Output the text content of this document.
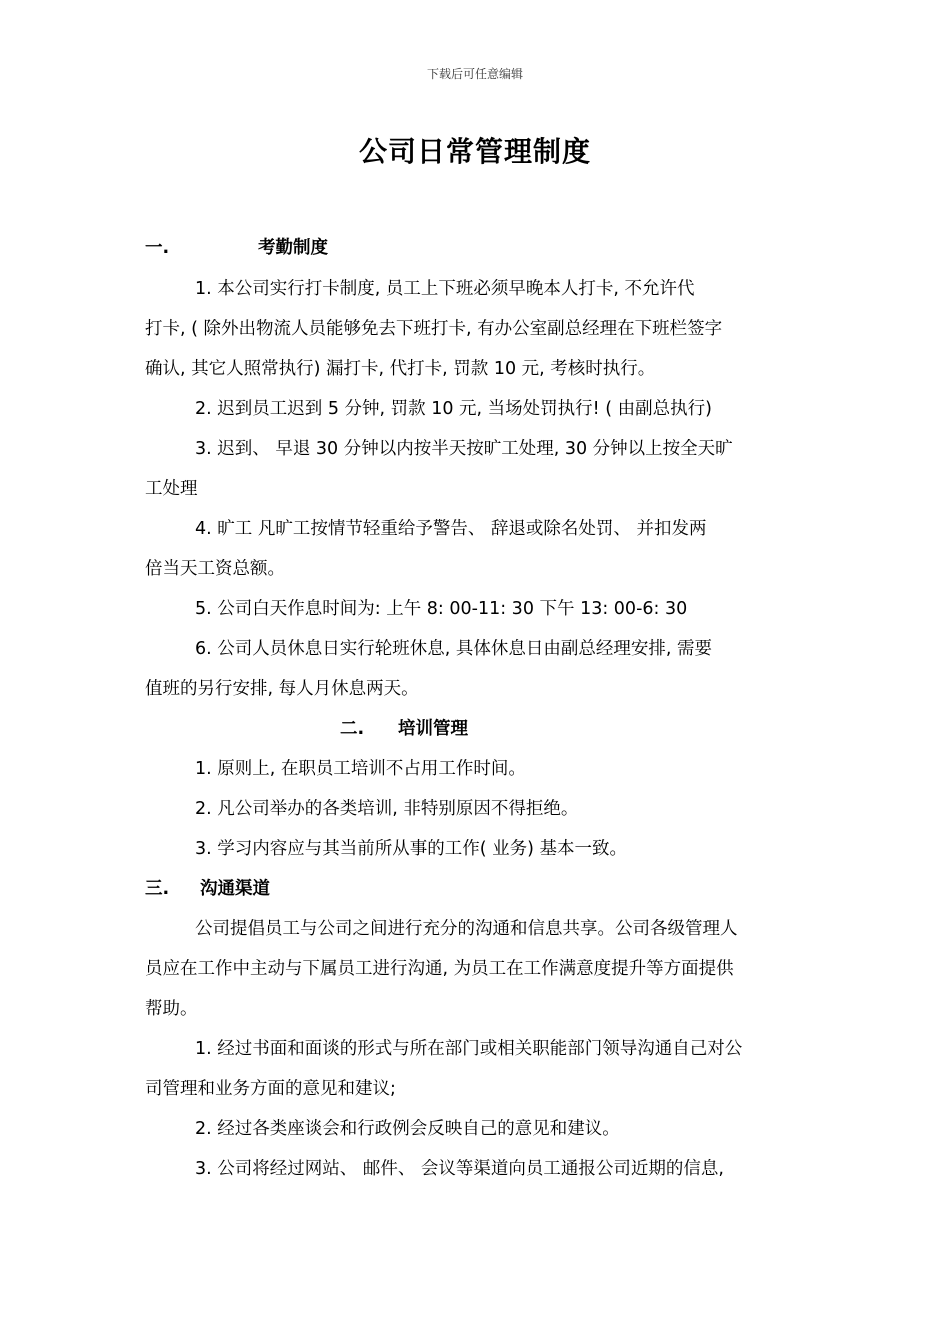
下载后可任意编辑
公司日常管理制度
一.	考勤制度
1. 本公司实行打卡制度, 员工上下班必须早晚本人打卡, 不允许代
打卡, ( 除外出物流人员能够免去下班打卡, 有办公室副总经理在下班栏签字
确认, 其它人照常执行) 漏打卡, 代打卡, 罚款 10 元, 考核时执行。
2. 迟到员工迟到 5 分钟, 罚款 10 元, 当场处罚执行! ( 由副总执行)
3. 迟到、 早退 30 分钟以内按半天按旷工处理, 30 分钟以上按全天旷
工处理
4. 旷工 凡旷工按情节轻重给予警告、 辞退或除名处罚、 并扣发两
倍当天工资总额。
5. 公司白天作息时间为: 上午 8: 00-11: 30 下午 13: 00-6: 30
6. 公司人员休息日实行轮班休息, 具体休息日由副总经理安排, 需要
值班的另行安排, 每人月休息两天。
二.	培训管理
1. 原则上, 在职员工培训不占用工作时间。
2. 凡公司举办的各类培训, 非特别原因不得拒绝。
3. 学习内容应与其当前所从事的工作( 业务) 基本一致。
三.	沟通渠道
公司提倡员工与公司之间进行充分的沟通和信息共享。公司各级管理人
员应在工作中主动与下属员工进行沟通, 为员工在工作满意度提升等方面提供
帮助。
1. 经过书面和面谈的形式与所在部门或相关职能部门领导沟通自己对公
司管理和业务方面的意见和建议;
2. 经过各类座谈会和行政例会反映自己的意见和建议。
3. 公司将经过网站、 邮件、 会议等渠道向员工通报公司近期的信息,
